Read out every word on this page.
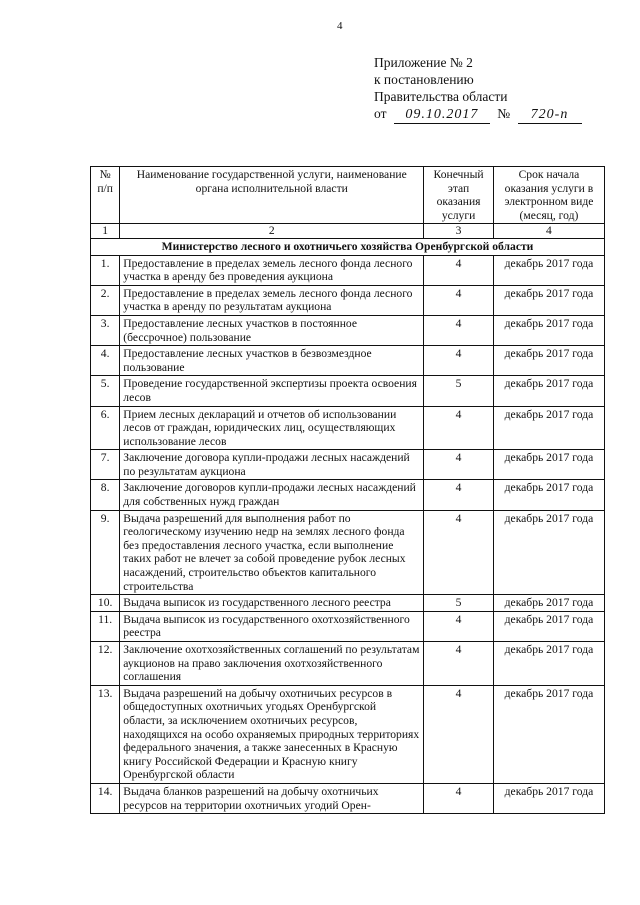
4
Приложение № 2
к постановлению
Правительства области
от 09.10.2017 № 720-п
№ п/п	Наименование государственной услуги, наименование органа исполнительной власти	Конечный этап оказания услуги	Срок начала оказания услуги в электронном виде (месяц, год)
1	2	3	4
Министерство лесного и охотничьего хозяйства Оренбургской области			
1.	Предоставление в пределах земель лесного фонда лесного участка в аренду без проведения аукциона	4	декабрь 2017 года
2.	Предоставление в пределах земель лесного фонда лесного участка в аренду по результатам аукциона	4	декабрь 2017 года
3.	Предоставление лесных участков в постоянное (бессрочное) пользование	4	декабрь 2017 года
4.	Предоставление лесных участков в безвозмездное пользование	4	декабрь 2017 года
5.	Проведение государственной экспертизы проекта освоения лесов	5	декабрь 2017 года
6.	Прием лесных деклараций и отчетов об использовании лесов от граждан, юридических лиц, осуществляющих использование лесов	4	декабрь 2017 года
7.	Заключение договора купли-продажи лесных насаждений по результатам аукциона	4	декабрь 2017 года
8.	Заключение договоров купли-продажи лесных насаждений для собственных нужд граждан	4	декабрь 2017 года
9.	Выдача разрешений для выполнения работ по геологическому изучению недр на землях лесного фонда без предоставления лесного участка, если выполнение таких работ не влечет за собой проведение рубок лесных насаждений, строительство объектов капитального строительства	4	декабрь 2017 года
10.	Выдача выписок из государственного лесного реестра	5	декабрь 2017 года
11.	Выдача выписок из государственного охотхозяйственного реестра	4	декабрь 2017 года
12.	Заключение охотхозяйственных соглашений по результатам аукционов на право заключения охотхозяйственного соглашения	4	декабрь 2017 года
13.	Выдача разрешений на добычу охотничьих ресурсов в общедоступных охотничьих угодьях Оренбургской области, за исключением охотничьих ресурсов, находящихся на особо охраняемых природных территориях федерального значения, а также занесенных в Красную книгу Российской Федерации и Красную книгу Оренбургской области	4	декабрь 2017 года
14.	Выдача бланков разрешений на добычу охотничьих ресурсов на территории охотничьих угодий Орен-	4	декабрь 2017 года
